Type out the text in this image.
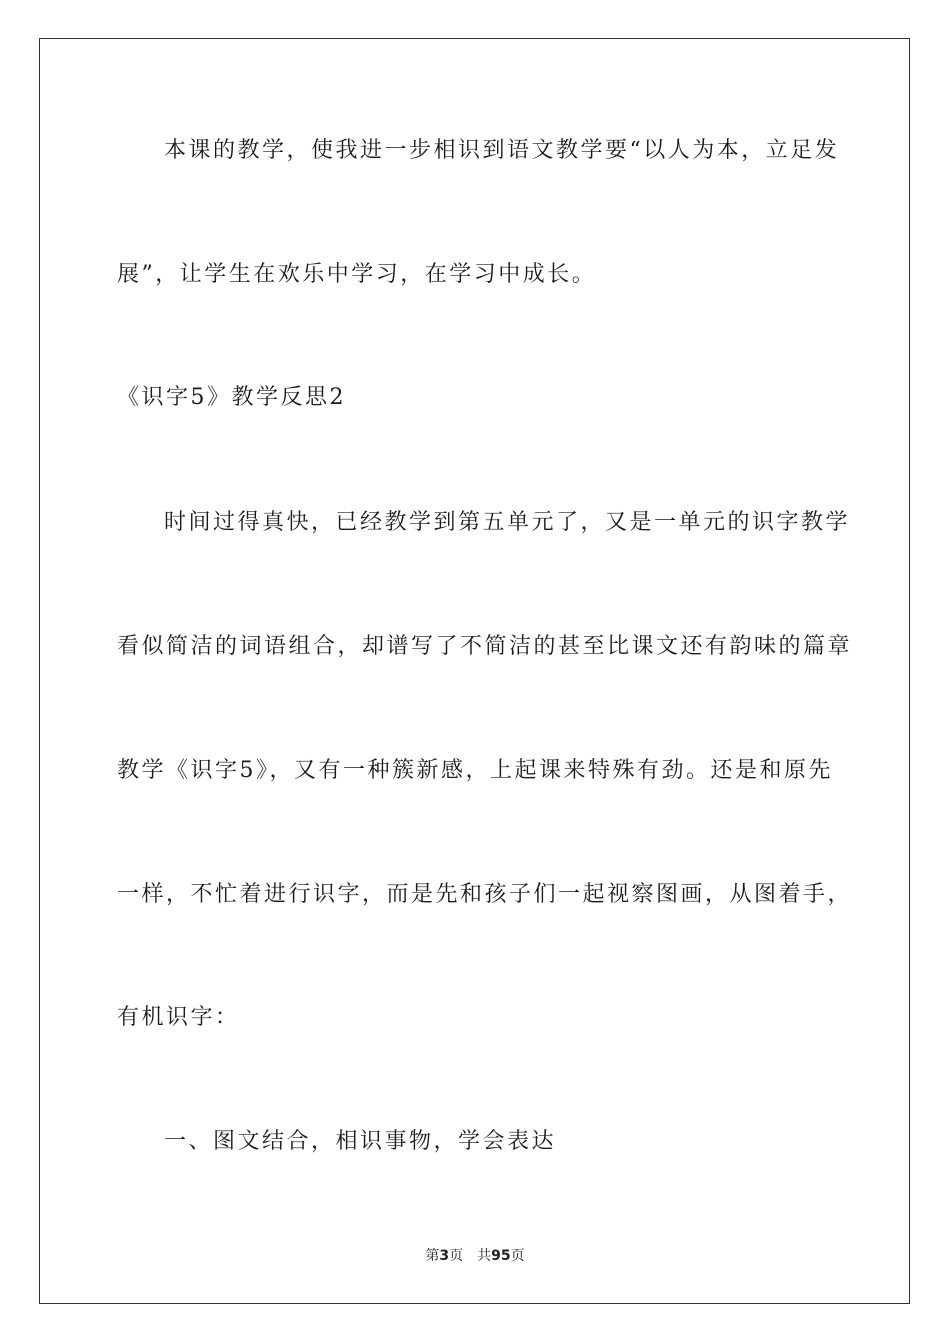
本课的教学，使我进一步相识到语文教学要“以人为本，立足发
展”，让学生在欢乐中学习，在学习中成长。
《识字5》教学反思2
时间过得真快，已经教学到第五单元了，又是一单元的识字教学
看似简洁的词语组合，却谱写了不简洁的甚至比课文还有韵味的篇章
教学《识字5》，又有一种簇新感，上起课来特殊有劲。还是和原先
一样，不忙着进行识字，而是先和孩子们一起视察图画，从图着手，
有机识字：
一、图文结合，相识事物，学会表达
第3页 共95页
